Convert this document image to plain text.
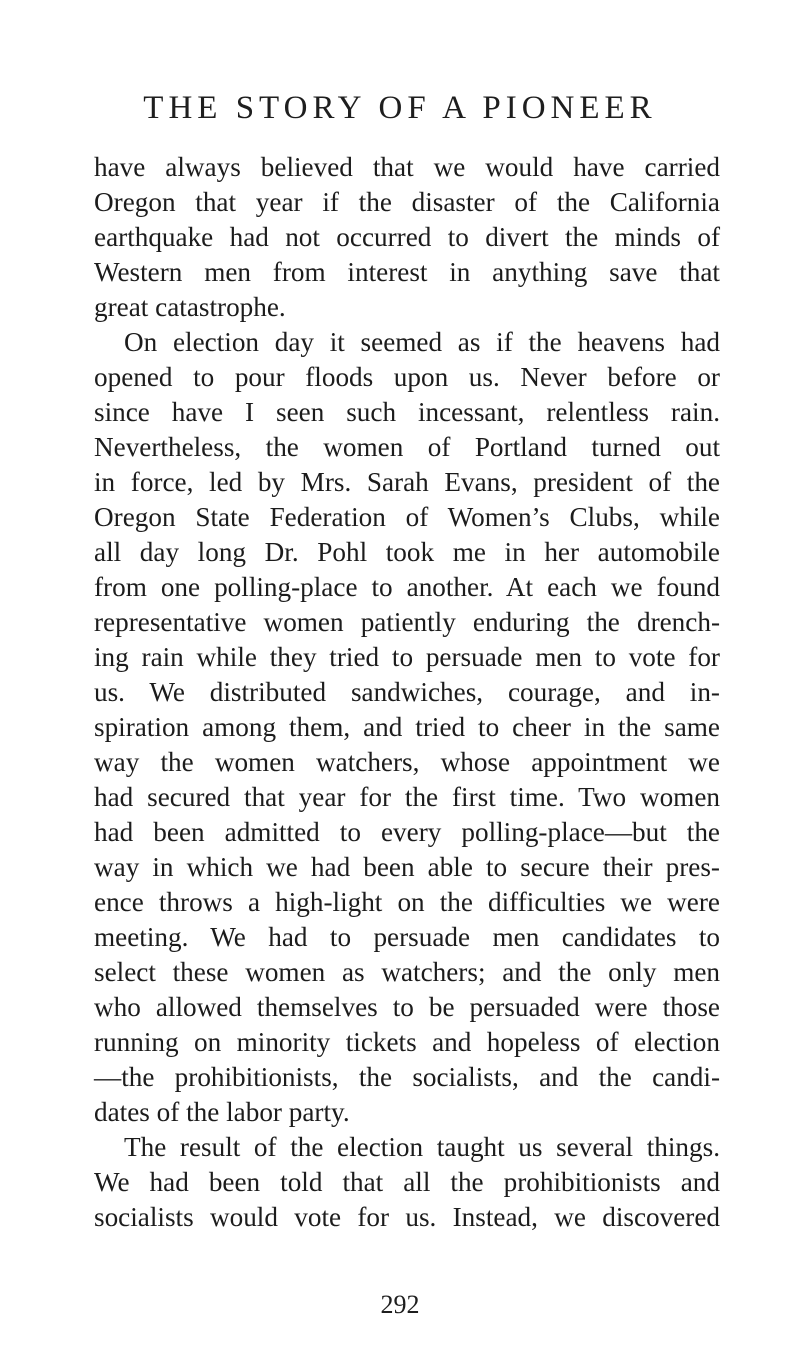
THE STORY OF A PIONEER
have always believed that we would have carried
Oregon that year if the disaster of the California
earthquake had not occurred to divert the minds of
Western men from interest in anything save that
great catastrophe.
On election day it seemed as if the heavens had
opened to pour floods upon us. Never before or
since have I seen such incessant, relentless rain.
Nevertheless, the women of Portland turned out
in force, led by Mrs. Sarah Evans, president of the
Oregon State Federation of Women’s Clubs, while
all day long Dr. Pohl took me in her automobile
from one polling-place to another. At each we found
representative women patiently enduring the drench-
ing rain while they tried to persuade men to vote for
us. We distributed sandwiches, courage, and in-
spiration among them, and tried to cheer in the same
way the women watchers, whose appointment we
had secured that year for the first time. Two women
had been admitted to every polling-place—but the
way in which we had been able to secure their pres-
ence throws a high-light on the difficulties we were
meeting. We had to persuade men candidates to
select these women as watchers; and the only men
who allowed themselves to be persuaded were those
running on minority tickets and hopeless of election
—the prohibitionists, the socialists, and the candi-
dates of the labor party.
The result of the election taught us several things.
We had been told that all the prohibitionists and
socialists would vote for us. Instead, we discovered
292
